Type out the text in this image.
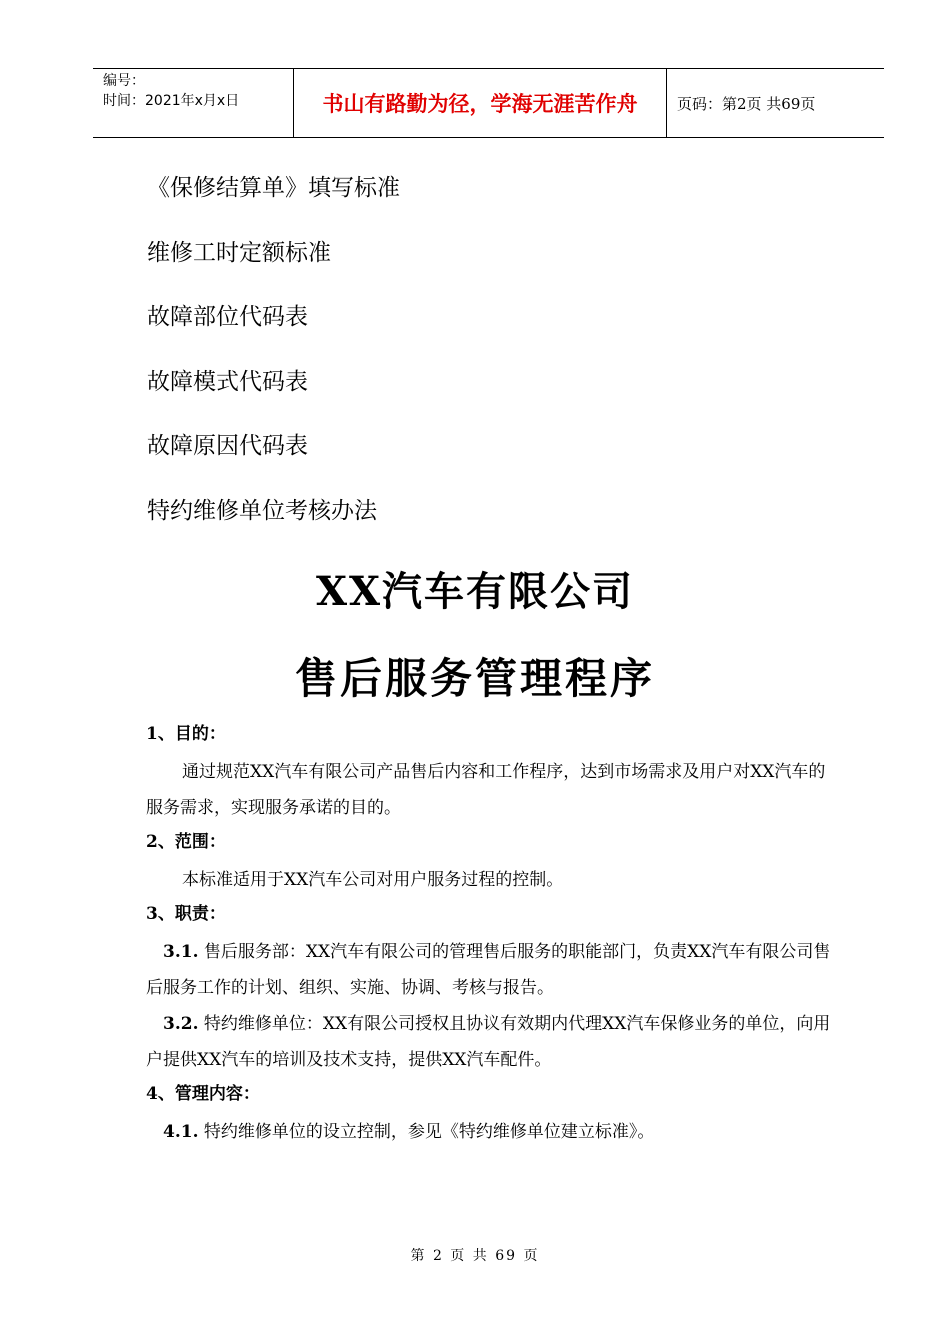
编号：
时间：2021年x月x日	书山有路勤为径，学海无涯苦作舟	页码：第2页 共69页
《保修结算单》填写标准
维修工时定额标准
故障部位代码表
故障模式代码表
故障原因代码表
特约维修单位考核办法
XX汽车有限公司
售后服务管理程序
1、目的：
通过规范XX汽车有限公司产品售后内容和工作程序，达到市场需求及用户对XX汽车的服务需求，实现服务承诺的目的。
2、范围：
本标准适用于XX汽车公司对用户服务过程的控制。
3、职责：
3.1. 售后服务部：XX汽车有限公司的管理售后服务的职能部门，负责XX汽车有限公司售后服务工作的计划、组织、实施、协调、考核与报告。
3.2. 特约维修单位：XX有限公司授权且协议有效期内代理XX汽车保修业务的单位，向用户提供XX汽车的培训及技术支持，提供XX汽车配件。
4、管理内容：
4.1. 特约维修单位的设立控制，参见《特约维修单位建立标准》。
第 2 页 共 69 页
